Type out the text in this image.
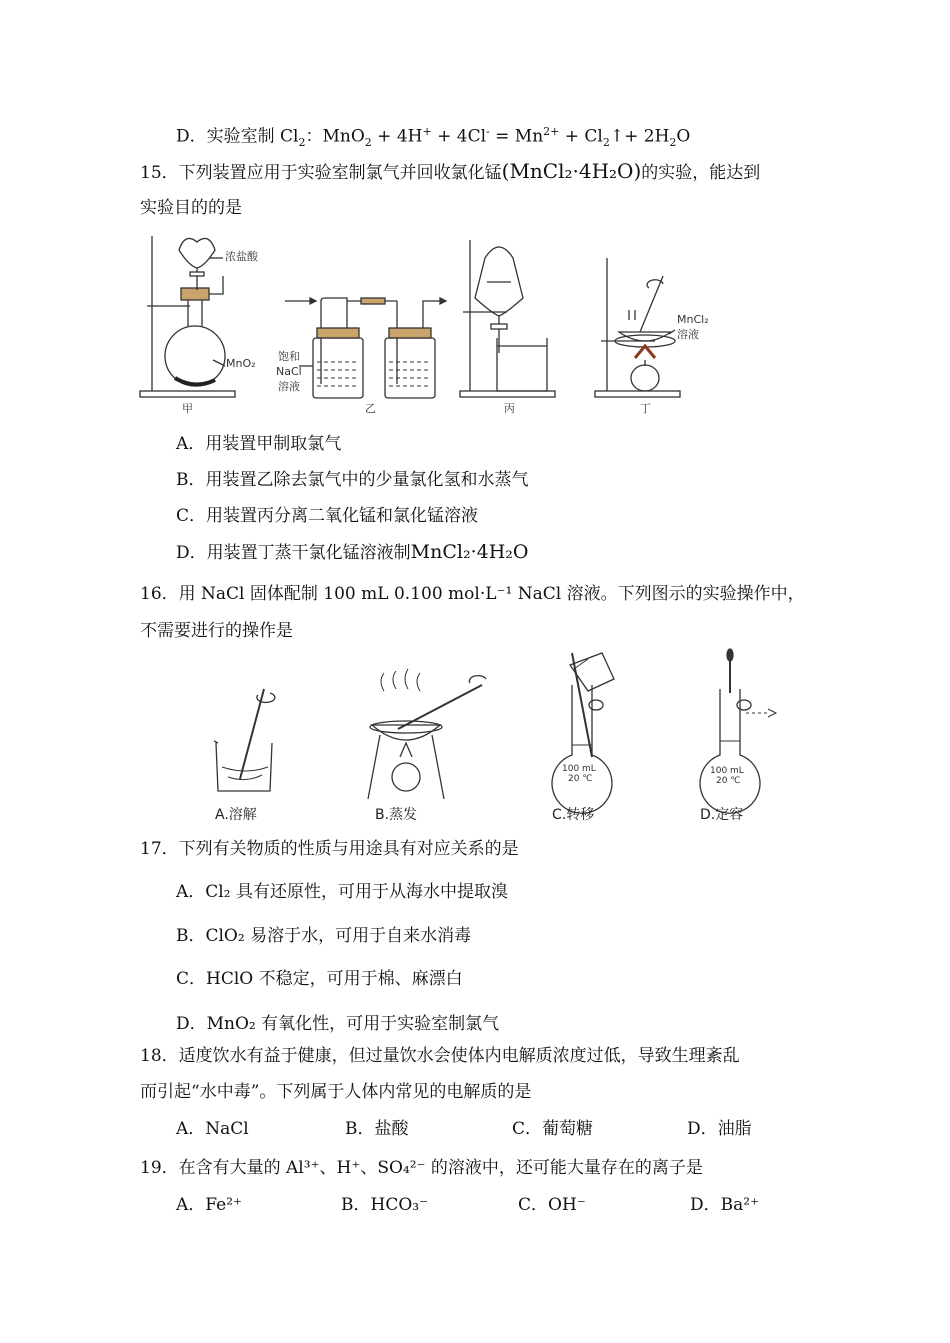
D．实验室制 $Cl_2$：$MnO_2 + 4H^+ + 4Cl^- = Mn^{2+}$ + $Cl_2↑+ 2H_2O$
15．下列装置应用于实验室制氯气并回收氯化锰(MnCl₂·4H₂O)的实验，能达到
实验目的的是
浓盐酸
MnO₂
饱和
NaCl
溶液
MnCl₂
溶液
甲	乙	丙	丁
A．用装置甲制取氯气
B．用装置乙除去氯气中的少量氯化氢和水蒸气
C．用装置丙分离二氧化锰和氯化锰溶液
D．用装置丁蒸干氯化锰溶液制MnCl₂·4H₂O
16．用 NaCl 固体配制 100 mL 0.100 mol·L⁻¹ NaCl 溶液。下列图示的实验操作中，
不需要进行的操作是
100 mL
20 ℃
100 mL
20 ℃
A.溶解	B.蒸发	C.转移	D.定容
17．下列有关物质的性质与用途具有对应关系的是
A．Cl₂ 具有还原性，可用于从海水中提取溴
B．ClO₂ 易溶于水，可用于自来水消毒
C．HClO 不稳定，可用于棉、麻漂白
D．MnO₂ 有氧化性，可用于实验室制氯气
18．适度饮水有益于健康，但过量饮水会使体内电解质浓度过低，导致生理紊乱
而引起“水中毒”。下列属于人体内常见的电解质的是
A．NaCl	B．盐酸	C．葡萄糖	D．油脂
19．在含有大量的 Al³⁺、H⁺、SO₄²⁻ 的溶液中，还可能大量存在的离子是
A．Fe²⁺	B．HCO₃⁻	C．OH⁻	D．Ba²⁺
